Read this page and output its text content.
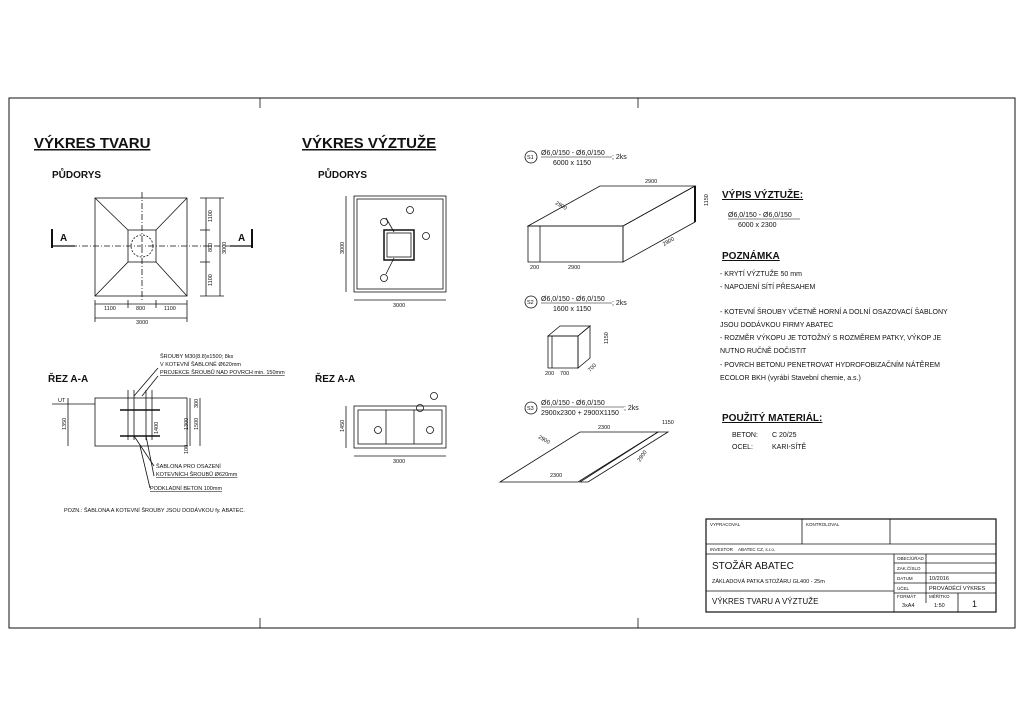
VÝKRES TVARU
PŮDORYS
1100	800	1100
3000
1100
800
1100
3000
A	A
ŘEZ A-A
ŠROUBY M30(8.8)x1500; 8ks
V KOTEVNÍ ŠABLONĚ Ø620mm
PROJEKCE ŠROUBŮ NAD POVRCH min. 150mm
UT
1350	1400	1300 1500
100
300
ŠABLONA PRO OSAZENÍ
KOTEVNÍCH ŠROUBŮ Ø620mm
PODKLADNÍ BETON 100mm
POZN.: ŠABLONA A KOTEVNÍ ŠROUBY JSOU DODÁVKOU fy. ABATEC.
VÝKRES VÝZTUŽE
PŮDORYS
3000
3000
ŘEZ A-A
3000
1450
S1
Ø6,0/150 - Ø6,0/150
6000 x 1150
; 2ks
2900
2900
2900
2900
200
1150
S2 Ø6,0/150 - Ø6,0/150
1600 x 1150
; 2ks
1150
200 700
700
S3
Ø6,0/150 - Ø6,0/150
2900x2300 + 2900X1150
; 2ks
2300
1150
2900
2900
2300
VÝPIS VÝZTUŽE:
Ø6,0/150 - Ø6,0/150
6000 x 2300
POZNÁMKA
- KRYTÍ VÝZTUŽE 50 mm
- NAPOJENÍ SÍTÍ PŘESAHEM
- KOTEVNÍ ŠROUBY VČETNĚ HORNÍ A DOLNÍ OSAZOVACÍ ŠABLONY
JSOU DODÁVKOU FIRMY ABATEC
- ROZMĚR VÝKOPU JE TOTOŽNÝ S ROZMĚREM PATKY, VÝKOP JE
NUTNO RUČNĚ DOČISTIT
- POVRCH BETONU PENETROVAT HYDROFOBIZAČNÍM NÁTĚREM
ECOLOR BKH (vyrábí Stavební chemie, a.s.)
POUŽITÝ MATERIÁL:
BETON: C 20/25
OCEL:	KARI-SÍTĚ
VYPRACOVAL	KONTROLOVAL
INVESTOR ABATEC CZ, s.r.o.
STOŽÁR ABATEC
ZÁKLADOVÁ PATKA STOŽÁRU GL400 - 25m
VÝKRES TVARU A VÝZTUŽE
OBEC/ÚŘAD
ZAK.ČÍSLO
DATUM	10/2016
ÚČEL	PROVÁDĚCÍ VÝKRES
FORMÁT
3xA4
MĚŘÍTKO
1:50	1
